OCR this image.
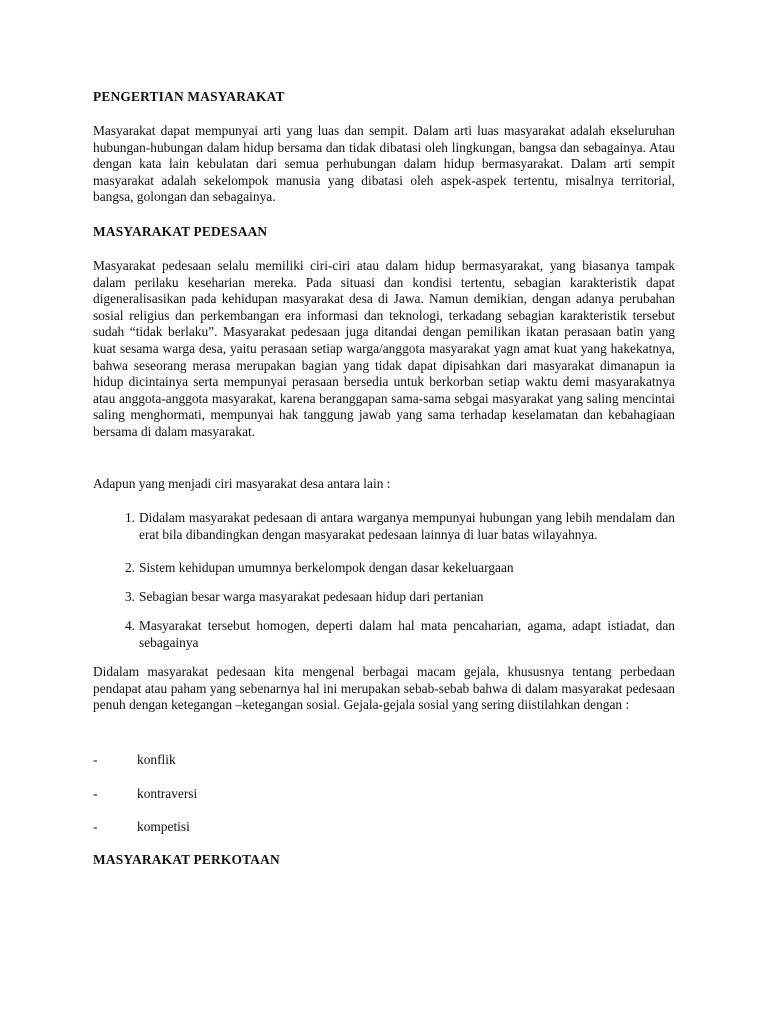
PENGERTIAN MASYARAKAT

Masyarakat dapat mempunyai arti yang luas dan sempit. Dalam arti luas masyarakat adalah ekseluruhan hubungan-hubungan dalam hidup bersama dan tidak dibatasi oleh lingkungan, bangsa dan sebagainya. Atau dengan kata lain kebulatan dari semua perhubungan dalam hidup bermasyarakat. Dalam arti sempit masyarakat adalah sekelompok manusia yang dibatasi oleh aspek-aspek tertentu, misalnya territorial, bangsa, golongan dan sebagainya.

MASYARAKAT PEDESAAN

Masyarakat pedesaan selalu memiliki ciri-ciri atau dalam hidup bermasyarakat, yang biasanya tampak dalam perilaku keseharian mereka. Pada situasi dan kondisi tertentu, sebagian karakteristik dapat digeneralisasikan pada kehidupan masyarakat desa di Jawa. Namun demikian, dengan adanya perubahan sosial religius dan perkembangan era informasi dan teknologi, terkadang sebagian karakteristik tersebut sudah “tidak berlaku”. Masyarakat pedesaan juga ditandai dengan pemilikan ikatan perasaan batin yang kuat sesama warga desa, yaitu perasaan setiap warga/anggota masyarakat yagn amat kuat yang hakekatnya, bahwa seseorang merasa merupakan bagian yang tidak dapat dipisahkan dari masyarakat dimanapun ia hidup dicintainya serta mempunyai perasaan bersedia untuk berkorban setiap waktu demi masyarakatnya atau anggota-anggota masyarakat, karena beranggapan sama-sama sebgai masyarakat yang saling mencintai saling menghormati, mempunyai hak tanggung jawab yang sama terhadap keselamatan dan kebahagiaan bersama di dalam masyarakat.

Adapun yang menjadi ciri masyarakat desa antara lain :

1. Didalam masyarakat pedesaan di antara warganya mempunyai hubungan yang lebih mendalam dan erat bila dibandingkan dengan masyarakat pedesaan lainnya di luar batas wilayahnya.
2. Sistem kehidupan umumnya berkelompok dengan dasar kekeluargaan
3. Sebagian besar warga masyarakat pedesaan hidup dari pertanian
4. Masyarakat tersebut homogen, deperti dalam hal mata pencaharian, agama, adapt istiadat, dan sebagainya

Didalam masyarakat pedesaan kita mengenal berbagai macam gejala, khususnya tentang perbedaan pendapat atau paham yang sebenarnya hal ini merupakan sebab-sebab bahwa di dalam masyarakat pedesaan penuh dengan ketegangan –ketegangan sosial. Gejala-gejala sosial yang sering diistilahkan dengan :

-	konflik
-	kontraversi
-	kompetisi
MASYARAKAT PERKOTAAN
